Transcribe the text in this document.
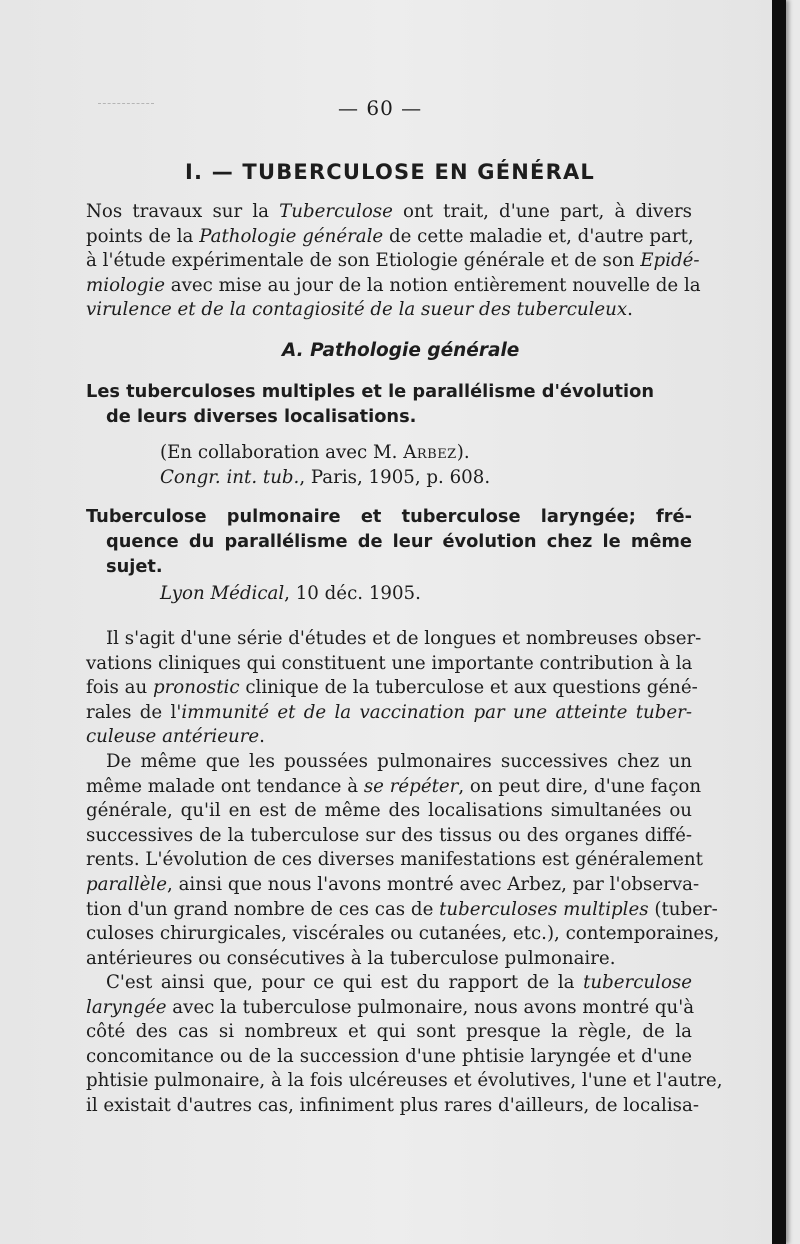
— 60 —
I. — TUBERCULOSE EN GÉNÉRAL

Nos travaux sur la Tuberculose ont trait, d'une part, à divers
points de la Pathologie générale de cette maladie et, d'autre part,
à l'étude expérimentale de son Etiologie générale et de son Epidé-
miologie avec mise au jour de la notion entièrement nouvelle de la
virulence et de la contagiosité de la sueur des tuberculeux.

A. Pathologie générale

Les tuberculoses multiples et le parallélisme d'évolution
de leurs diverses localisations.

(En collaboration avec M. Arbez).
Congr. int. tub., Paris, 1905, p. 608.

Tuberculose pulmonaire et tuberculose laryngée; fré-
quence du parallélisme de leur évolution chez le même
sujet.

Lyon Médical, 10 déc. 1905.

Il s'agit d'une série d'études et de longues et nombreuses obser-
vations cliniques qui constituent une importante contribution à la
fois au pronostic clinique de la tuberculose et aux questions géné-
rales de l'immunité et de la vaccination par une atteinte tuber-
culeuse antérieure.

De même que les poussées pulmonaires successives chez un
même malade ont tendance à se répéter, on peut dire, d'une façon
générale, qu'il en est de même des localisations simultanées ou
successives de la tuberculose sur des tissus ou des organes diffé-
rents. L'évolution de ces diverses manifestations est généralement
parallèle, ainsi que nous l'avons montré avec Arbez, par l'observa-
tion d'un grand nombre de ces cas de tuberculoses multiples (tuber-
culoses chirurgicales, viscérales ou cutanées, etc.), contemporaines,
antérieures ou consécutives à la tuberculose pulmonaire.

C'est ainsi que, pour ce qui est du rapport de la tuberculose
laryngée avec la tuberculose pulmonaire, nous avons montré qu'à
côté des cas si nombreux et qui sont presque la règle, de la
concomitance ou de la succession d'une phtisie laryngée et d'une
phtisie pulmonaire, à la fois ulcéreuses et évolutives, l'une et l'autre,
il existait d'autres cas, infiniment plus rares d'ailleurs, de localisa-
